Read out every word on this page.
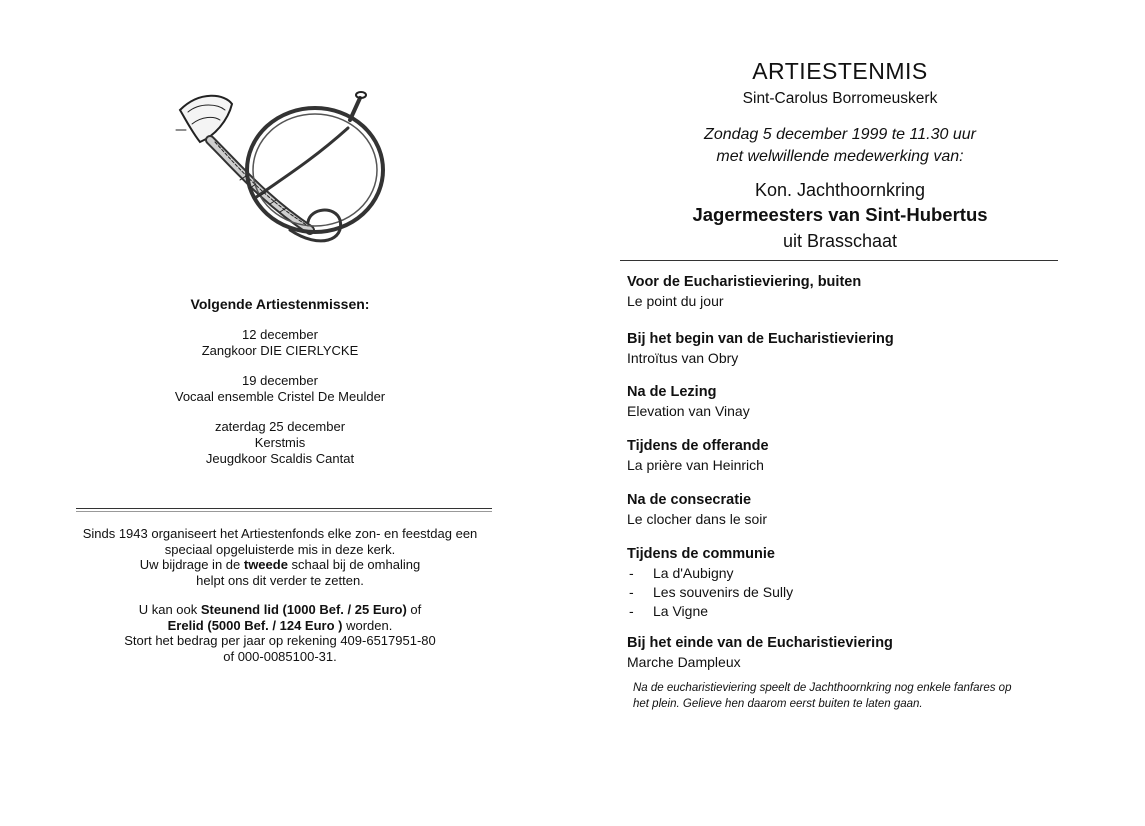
Volgende Artiestenmissen:
12 december
Zangkoor DIE CIERLYCKE
19 december
Vocaal ensemble Cristel De Meulder
zaterdag 25 december
Kerstmis
Jeugdkoor Scaldis Cantat

Sinds 1943 organiseert het Artiestenfonds elke zon- en feestdag een

speciaal opgeluisterde mis in deze kerk.

Uw bijdrage in de tweede schaal bij de omhaling

helpt ons dit verder te zetten.

U kan ook Steunend lid (1000 Bef. / 25 Euro) of

Erelid (5000 Bef. / 124 Euro ) worden.

Stort het bedrag per jaar op rekening 409-6517951-80

of 000-0085100-31.

ARTIESTENMIS
Sint-Carolus Borromeuskerk
Zondag 5 december 1999 te 11.30 uur
met welwillende medewerking van:
Kon. Jachthoornkring
Jagermeesters van Sint-Hubertus
uit Brasschaat
Voor de Eucharistieviering, buiten
Le point du jour
Bij het begin van de Eucharistieviering
Introïtus van Obry
Na de Lezing
Elevation van Vinay
Tijdens de offerande
La prière van Heinrich
Na de consecratie
Le clocher dans le soir
Tijdens de communie
- La d'Aubigny
- Les souvenirs de Sully
- La Vigne
Bij het einde van de Eucharistieviering
Marche Dampleux
Na de eucharistieviering speelt de Jachthoornkring nog enkele fanfares op
het plein. Gelieve hen daarom eerst buiten te laten gaan.
